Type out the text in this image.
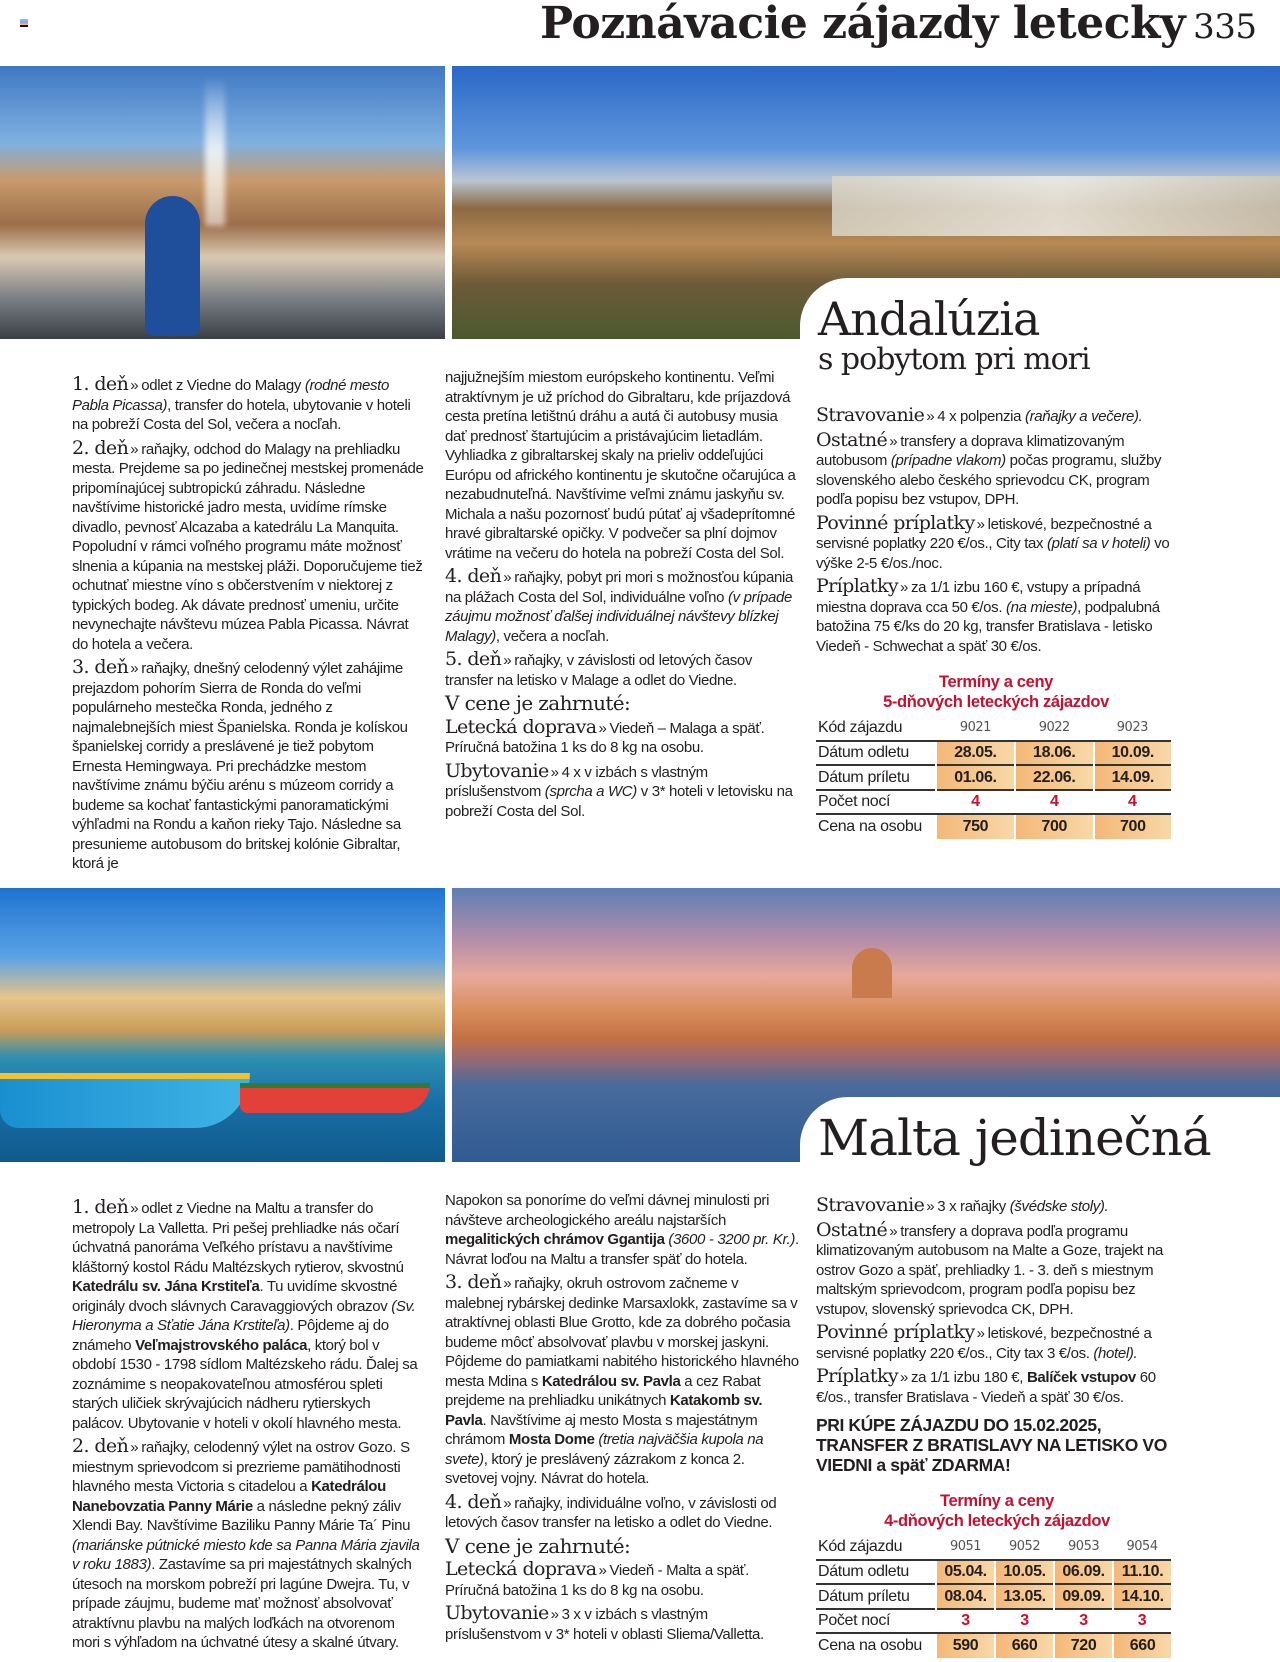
Poznávacie zájazdy letecky 335
Andalúzia
s pobytom pri mori

1. deň » odlet z Viedne do Malagy (rodné mesto Pabla Picassa), transfer do hotela, ubytovanie v hoteli na pobreží Costa del Sol, večera a nocľah.

2. deň » raňajky, odchod do Malagy na prehliadku mesta. Prejdeme sa po jedinečnej mestskej promenáde pripomínajúcej subtropickú záhradu. Následne navštívime historické jadro mesta, uvidíme rímske divadlo, pevnosť Alcazaba a katedrálu La Manquita. Popoludní v rámci voľného programu máte možnosť slnenia a kúpania na mestskej pláži. Doporučujeme tiež ochutnať miestne víno s občerstvením v niektorej z typických bodeg. Ak dávate prednosť umeniu, určite nevynechajte návštevu múzea Pabla Picassa. Návrat do hotela a večera.

3. deň » raňajky, dnešný celodenný výlet zahájime prejazdom pohorím Sierra de Ronda do veľmi populárneho mestečka Ronda, jedného z najmalebnejších miest Španielska. Ronda je kolískou španielskej corridy a preslávené je tiež pobytom Ernesta Hemingwaya. Pri prechádzke mestom navštívime známu býčiu arénu s múzeom corridy a budeme sa kochať fantastickými panoramatickými výhľadmi na Rondu a kaňon rieky Tajo. Následne sa presunieme autobusom do britskej kolónie Gibraltar, ktorá je

najjužnejším miestom európskeho kontinentu. Veľmi atraktívnym je už príchod do Gibraltaru, kde príjazdová cesta pretína letištnú dráhu a autá či autobusy musia dať prednosť štartujúcim a pristávajúcim lietadlám. Vyhliadka z gibraltarskej skaly na prieliv oddeľujúci Európu od afrického kontinentu je skutočne očarujúca a nezabudnuteľná. Navštívime veľmi známu jaskyňu sv. Michala a našu pozornosť budú pútať aj všadeprítomné hravé gibraltarské opičky. V podvečer sa plní dojmov vrátime na večeru do hotela na pobreží Costa del Sol.

4. deň » raňajky, pobyt pri mori s možnosťou kúpania na plážach Costa del Sol, individuálne voľno (v prípade záujmu možnosť ďalšej individuálnej návštevy blízkej Malagy), večera a nocľah.

5. deň » raňajky, v závislosti od letových časov transfer na letisko v Malage a odlet do Viedne.

V cene je zahrnuté:

Letecká doprava » Viedeň – Malaga a späť. Príručná batožina 1 ks do 8 kg na osobu.

Ubytovanie » 4 x v izbách s vlastným príslušenstvom (sprcha a WC) v 3* hoteli v letovisku na pobreží Costa del Sol.

Stravovanie » 4 x polpenzia (raňajky a večere).

Ostatné » transfery a doprava klimatizovaným autobusom (prípadne vlakom) počas programu, služby slovenského alebo českého sprievodcu CK, program podľa popisu bez vstupov, DPH.

Povinné príplatky » letiskové, bezpečnostné a servisné poplatky 220 €/os., City tax (platí sa v hoteli) vo výške 2-5 €/os./noc.

Príplatky » za 1/1 izbu 160 €, vstupy a prípadná miestna doprava cca 50 €/os. (na mieste), podpalubná batožina 75 €/ks do 20 kg, transfer Bratislava - letisko Viedeň - Schwechat a späť 30 €/os.

Termíny a ceny
5-dňových leteckých zájazdov
Kód zájazdu	9021	9022	9023
Dátum odletu	28.05.	18.06.	10.09.
Dátum príletu	01.06.	22.06.	14.09.
Počet nocí	4	4	4
Cena na osobu	750	700	700
Malta jedinečná

1. deň » odlet z Viedne na Maltu a transfer do metropoly La Valletta. Pri pešej prehliadke nás očarí úchvatná panoráma Veľkého prístavu a navštívime kláštorný kostol Rádu Maltézskych rytierov, skvostnú Katedrálu sv. Jána Krstiteľa. Tu uvidíme skvostné originály dvoch slávnych Caravaggiových obrazov (Sv. Hieronyma a Sťatie Jána Krstiteľa). Pôjdeme aj do známeho Veľmajstrovského paláca, ktorý bol v období 1530 - 1798 sídlom Maltézskeho rádu. Ďalej sa zoznámime s neopakovateľnou atmosférou spleti starých uličiek skrývajúcich nádheru rytierskych palácov. Ubytovanie v hoteli v okolí hlavného mesta.

2. deň » raňajky, celodenný výlet na ostrov Gozo. S miestnym sprievodcom si prezrieme pamätihodnosti hlavného mesta Victoria s citadelou a Katedrálou Nanebovzatia Panny Márie a následne pekný záliv Xlendi Bay. Navštívime Baziliku Panny Márie Ta´ Pinu (mariánske pútnické miesto kde sa Panna Mária zjavila v roku 1883). Zastavíme sa pri majestátnych skalných útesoch na morskom pobreží pri lagúne Dwejra. Tu, v prípade záujmu, budeme mať možnosť absolvovať atraktívnu plavbu na malých loďkách na otvorenom mori s výhľadom na úchvatné útesy a skalné útvary.

Napokon sa ponoríme do veľmi dávnej minulosti pri návšteve archeologického areálu najstarších megalitických chrámov Ggantija (3600 - 3200 pr. Kr.). Návrat loďou na Maltu a transfer späť do hotela.

3. deň » raňajky, okruh ostrovom začneme v malebnej rybárskej dedinke Marsaxlokk, zastavíme sa v atraktívnej oblasti Blue Grotto, kde za dobrého počasia budeme môcť absolvovať plavbu v morskej jaskyni. Pôjdeme do pamiatkami nabitého historického hlavného mesta Mdina s Katedrálou sv. Pavla a cez Rabat prejdeme na prehliadku unikátnych Katakomb sv. Pavla. Navštívime aj mesto Mosta s majestátnym chrámom Mosta Dome (tretia najväčšia kupola na svete), ktorý je preslávený zázrakom z konca 2. svetovej vojny. Návrat do hotela.

4. deň » raňajky, individuálne voľno, v závislosti od letových časov transfer na letisko a odlet do Viedne.

V cene je zahrnuté:

Letecká doprava » Viedeň - Malta a späť. Príručná batožina 1 ks do 8 kg na osobu.

Ubytovanie » 3 x v izbách s vlastným príslušenstvom v 3* hoteli v oblasti Sliema/Valletta.

Stravovanie » 3 x raňajky (švédske stoly).

Ostatné » transfery a doprava podľa programu klimatizovaným autobusom na Malte a Goze, trajekt na ostrov Gozo a späť, prehliadky 1. - 3. deň s miestnym maltským sprievodcom, program podľa popisu bez vstupov, slovenský sprievodca CK, DPH.

Povinné príplatky » letiskové, bezpečnostné a servisné poplatky 220 €/os., City tax 3 €/os. (hotel).

Príplatky » za 1/1 izbu 180 €, Balíček vstupov 60 €/os., transfer Bratislava - Viedeň a späť 30 €/os.

PRI KÚPE ZÁJAZDU DO 15.02.2025, TRANSFER Z BRATISLAVY NA LETISKO VO VIEDNI a späť ZDARMA!
Termíny a ceny
4-dňových leteckých zájazdov
Kód zájazdu	9051	9052	9053	9054
Dátum odletu	05.04.	10.05.	06.09.	11.10.
Dátum príletu	08.04.	13.05.	09.09.	14.10.
Počet nocí	3	3	3	3
Cena na osobu	590	660	720	660
